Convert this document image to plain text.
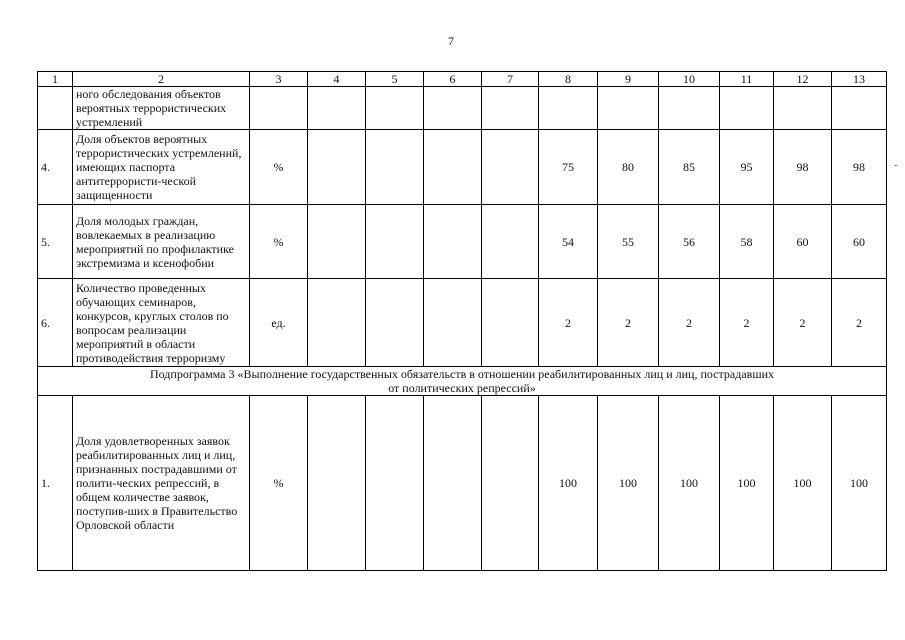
7
1	2	3	4	5	6	7	8	9	10	11	12	13
	ного обследования объектов вероятных террористических устремлений											
4.	Доля объектов вероятных террористических устремлений, имеющих паспорта антитеррористи-ческой защищенности	%					75	80	85	95	98	98
5.	Доля молодых граждан, вовлекаемых в реализацию мероприятий по профилактике экстремизма и ксенофобии	%					54	55	56	58	60	60
6.	Количество проведенных обучающих семинаров, конкурсов, круглых столов по вопросам реализации мероприятий в области противодействия терроризму	ед.					2	2	2	2	2	2

Подпрограмма 3 «Выполнение государственных обязательств в отношении реабилитированных лиц и лиц, пострадавших
от политических репрессий»												

1.	Доля удовлетворенных заявок реабилитированных лиц и лиц, признанных пострадавшими от полити-ческих репрессий, в общем количестве заявок, поступив-ших в Правительство Орловской области	%					100	100	100	100	100	100
-
